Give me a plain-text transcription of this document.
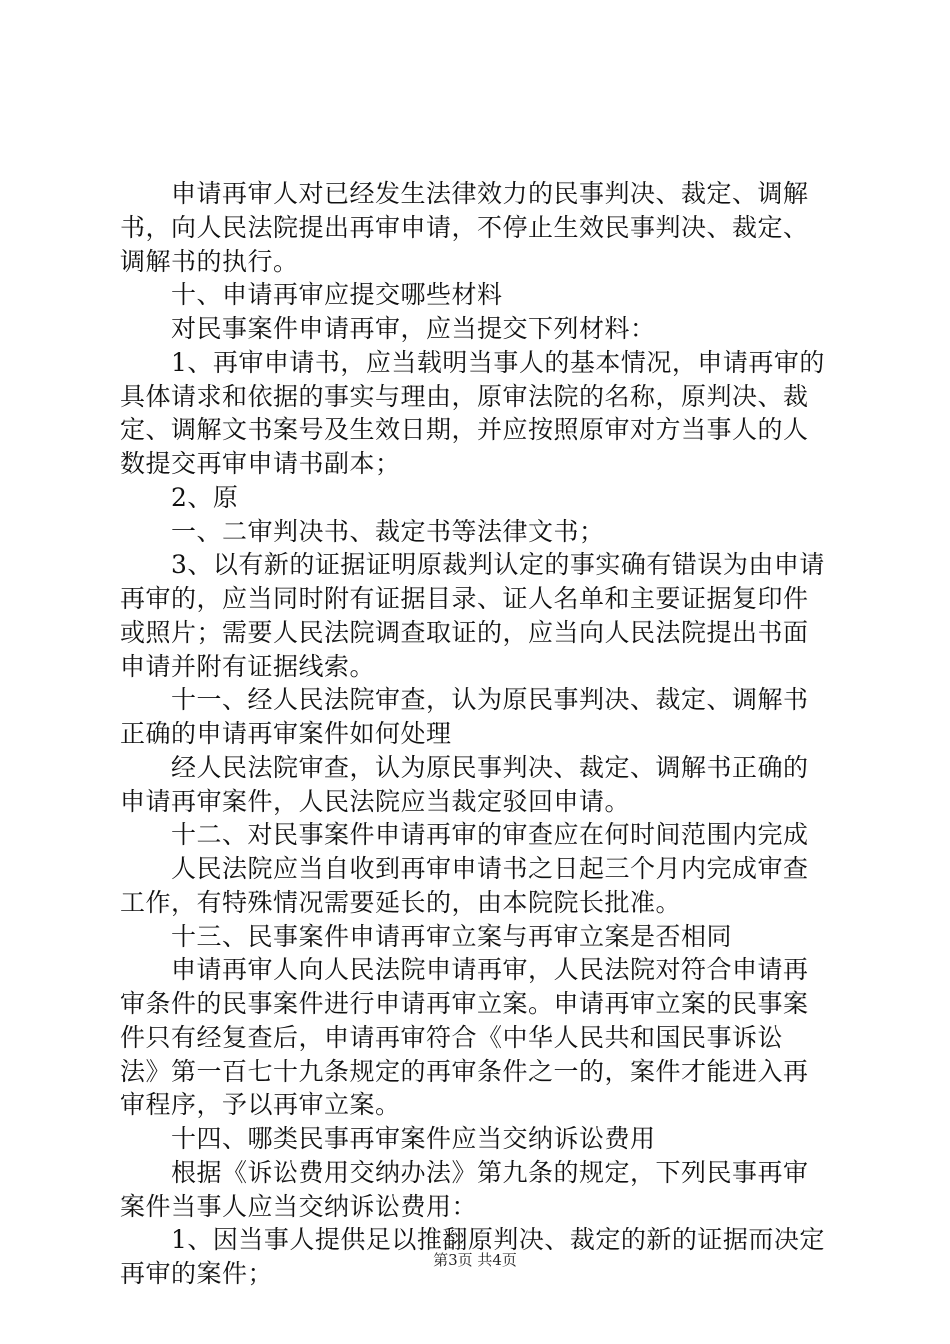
　　申请再审人对已经发生法律效力的民事判决、裁定、调解
书，向人民法院提出再审申请，不停止生效民事判决、裁定、
调解书的执行。
　　十、申请再审应提交哪些材料
　　对民事案件申请再审，应当提交下列材料：
　　1、再审申请书，应当载明当事人的基本情况，申请再审的
具体请求和依据的事实与理由，原审法院的名称，原判决、裁
定、调解文书案号及生效日期，并应按照原审对方当事人的人
数提交再审申请书副本；
　　2、原
　　一、二审判决书、裁定书等法律文书；
　　3、以有新的证据证明原裁判认定的事实确有错误为由申请
再审的，应当同时附有证据目录、证人名单和主要证据复印件
或照片；需要人民法院调查取证的，应当向人民法院提出书面
申请并附有证据线索。
　　十一、经人民法院审查，认为原民事判决、裁定、调解书
正确的申请再审案件如何处理
　　经人民法院审查，认为原民事判决、裁定、调解书正确的
申请再审案件，人民法院应当裁定驳回申请。
　　十二、对民事案件申请再审的审查应在何时间范围内完成
　　人民法院应当自收到再审申请书之日起三个月内完成审查
工作，有特殊情况需要延长的，由本院院长批准。
　　十三、民事案件申请再审立案与再审立案是否相同
　　申请再审人向人民法院申请再审，人民法院对符合申请再
审条件的民事案件进行申请再审立案。申请再审立案的民事案
件只有经复查后，申请再审符合《中华人民共和国民事诉讼
法》第一百七十九条规定的再审条件之一的，案件才能进入再
审程序，予以再审立案。
　　十四、哪类民事再审案件应当交纳诉讼费用
　　根据《诉讼费用交纳办法》第九条的规定，下列民事再审
案件当事人应当交纳诉讼费用：
　　1、因当事人提供足以推翻原判决、裁定的新的证据而决定
再审的案件；	第3页 共4页
